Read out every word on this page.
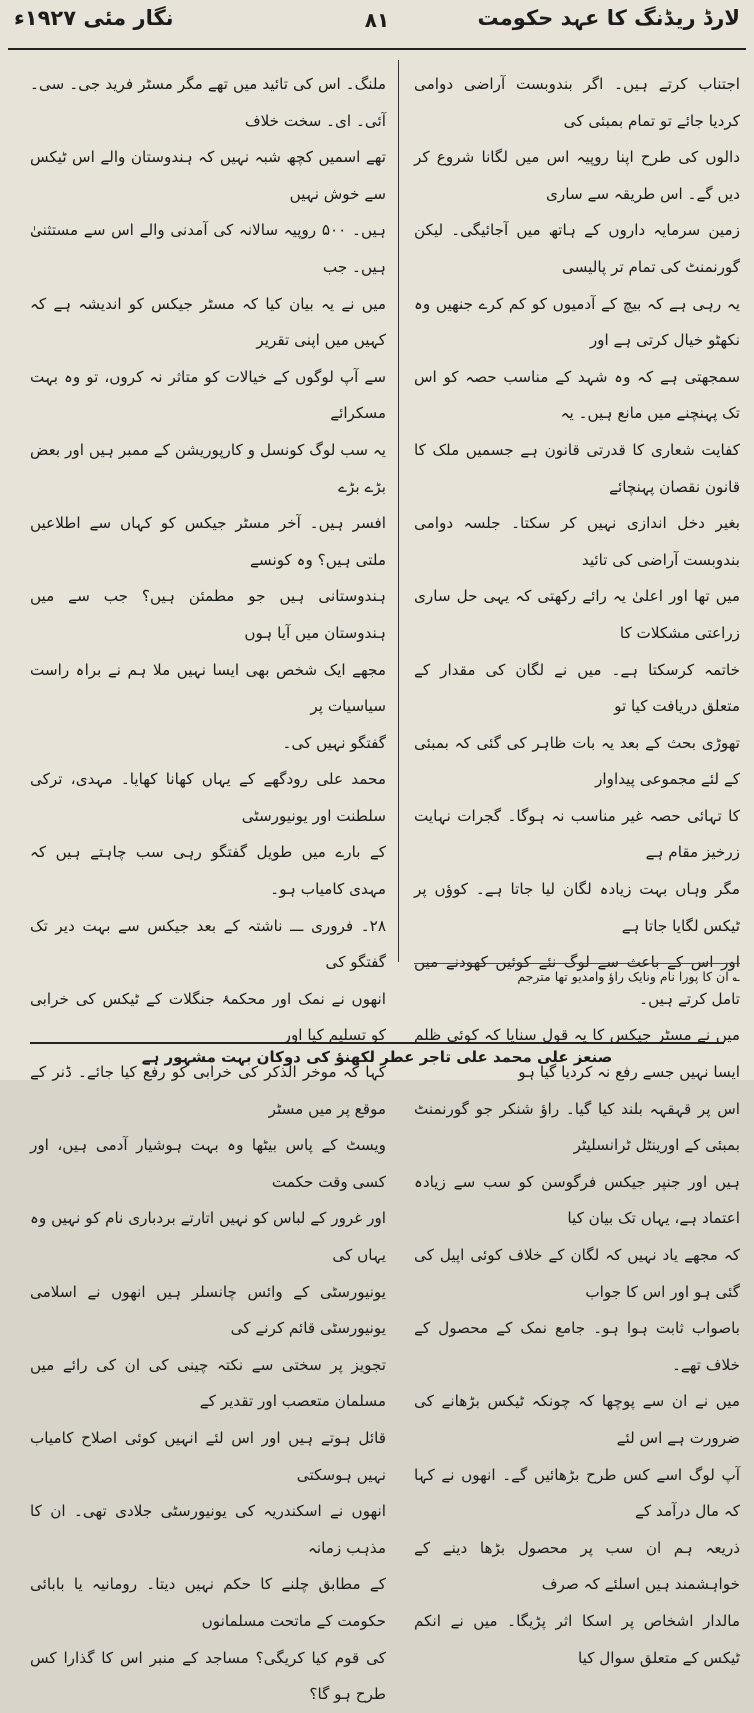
لارڈ ریڈنگ کا عہد حکومت
۸۱
نگار مئی ۱۹۲۷ء

اجتناب کرتے ہیں۔ اگر بندوبست آراضی دوامی کردیا جائے تو تمام بمبئی کی

دالوں کی طرح اپنا روپیہ اس میں لگانا شروع کر دیں گے۔ اس طریقہ سے ساری

زمین سرمایہ داروں کے ہاتھ میں آجائیگی۔ لیکن گورنمنٹ کی تمام تر پالیسی

یہ رہی ہے کہ بیچ کے آدمیوں کو کم کرے جنھیں وہ نکھٹو خیال کرتی ہے اور

سمجھتی ہے کہ وہ شہد کے مناسب حصہ کو اس تک پہنچنے میں مانع ہیں۔ یہ

کفایت شعاری کا قدرتی قانون ہے جسمیں ملک کا قانون نقصان پہنچائے

بغیر دخل اندازی نہیں کر سکتا۔ جلسہ دوامی بندوبست آراضی کی تائید

میں تھا اور اعلیٰ یہ رائے رکھتی کہ یہی حل ساری زراعتی مشکلات کا

خاتمہ کرسکتا ہے۔ میں نے لگان کی مقدار کے متعلق دریافت کیا تو

تھوڑی بحث کے بعد یہ بات ظاہر کی گئی کہ بمبئی کے لئے مجموعی پیداوار

کا تہائی حصہ غیر مناسب نہ ہوگا۔ گجرات نہایت زرخیز مقام ہے

مگر وہاں بہت زیادہ لگان لیا جاتا ہے۔ کوؤں پر ٹیکس لگایا جاتا ہے

اور اس کے باعث سے لوگ نئے کوئیں کھودنے میں تامل کرتے ہیں۔

میں نے مسٹر جیکس کا یہ قول سنایا کہ کوئی ظلم ایسا نہیں جسے رفع نہ کردیا گیا ہو

اس پر قہقہہ بلند کیا گیا۔ راؤ شنکر جو گورنمنٹ بمبئی کے اورینٹل ٹرانسلیٹر

ہیں اور جنپر جیکس فرگوسن کو سب سے زیادہ اعتماد ہے، یہاں تک بیان کیا

کہ مجھے یاد نہیں کہ لگان کے خلاف کوئی اپیل کی گئی ہو اور اس کا جواب

باصواب ثابت ہوا ہو۔ جامع نمک کے محصول کے خلاف تھے۔

میں نے ان سے پوچھا کہ چونکہ ٹیکس بڑھانے کی ضرورت ہے اس لئے

آپ لوگ اسے کس طرح بڑھائیں گے۔ انھوں نے کہا کہ مال درآمد کے

ذریعہ ہم ان سب پر محصول بڑھا دینے کے خواہشمند ہیں اسلئے کہ صرف

مالدار اشخاص پر اسکا اثر پڑیگا۔ میں نے انکم ٹیکس کے متعلق سوال کیا

ملنگ۔ اس کی تائید میں تھے مگر مسٹر فرید جی۔ سی۔ آئی۔ ای۔ سخت خلاف

تھے اسمیں کچھ شبہ نہیں کہ ہندوستان والے اس ٹیکس سے خوش نہیں

ہیں۔ ۵۰۰ روپیہ سالانہ کی آمدنی والے اس سے مستثنیٰ ہیں۔ جب

میں نے یہ بیان کیا کہ مسٹر جیکس کو اندیشہ ہے کہ کہیں میں اپنی تقریر

سے آپ لوگوں کے خیالات کو متاثر نہ کروں، تو وہ بہت مسکرائے

یہ سب لوگ کونسل و کارپوریشن کے ممبر ہیں اور بعض بڑے بڑے

افسر ہیں۔ آخر مسٹر جیکس کو کہاں سے اطلاعیں ملتی ہیں؟ وہ کونسے

ہندوستانی ہیں جو مطمئن ہیں؟ جب سے میں ہندوستان میں آیا ہوں

مجھے ایک شخص بھی ایسا نہیں ملا ہم نے براہ راست سیاسیات پر

گفتگو نہیں کی۔

محمد علی رودگھے کے یہاں کھانا کھایا۔ مہدی، ترکی سلطنت اور یونیورسٹی

کے بارے میں طویل گفتگو رہی سب چاہتے ہیں کہ مہدی کامیاب ہو۔

۲۸۔ فروری ـــ ناشتہ کے بعد جیکس سے بہت دیر تک گفتگو کی

انھوں نے نمک اور محکمۂ جنگلات کے ٹیکس کی خرابی کو تسلیم کیا اور

کہا کہ موخر الذکر کی خرابی کو رفع کیا جائے۔ ڈنر کے موقع پر میں مسٹر

ویسٹ کے پاس بیٹھا وہ بہت ہوشیار آدمی ہیں، اور کسی وقت حکمت

اور غرور کے لباس کو نہیں اتارتے بردباری نام کو نہیں وہ یہاں کی

یونیورسٹی کے وائس چانسلر ہیں انھوں نے اسلامی یونیورسٹی قائم کرنے کی

تجویز پر سختی سے نکتہ چینی کی ان کی رائے میں مسلمان متعصب اور تقدیر کے

قائل ہوتے ہیں اور اس لئے انہیں کوئی اصلاح کامیاب نہیں ہوسکتی

انھوں نے اسکندریہ کی یونیورسٹی جلادی تھی۔ ان کا مذہب زمانہ

کے مطابق چلنے کا حکم نہیں دیتا۔ رومانیہ یا بابائی حکومت کے ماتحت مسلمانوں

کی قوم کیا کریگی؟ مساجد کے منبر اس کا گذارا کس طرح ہو گا؟

؎ ان کا پورا نام ونایک راؤ وامدیو تھا مترجم
صنعز علی محمد علی تاجر عطر لکھنؤ کی دوکان بہت مشہور ہے
